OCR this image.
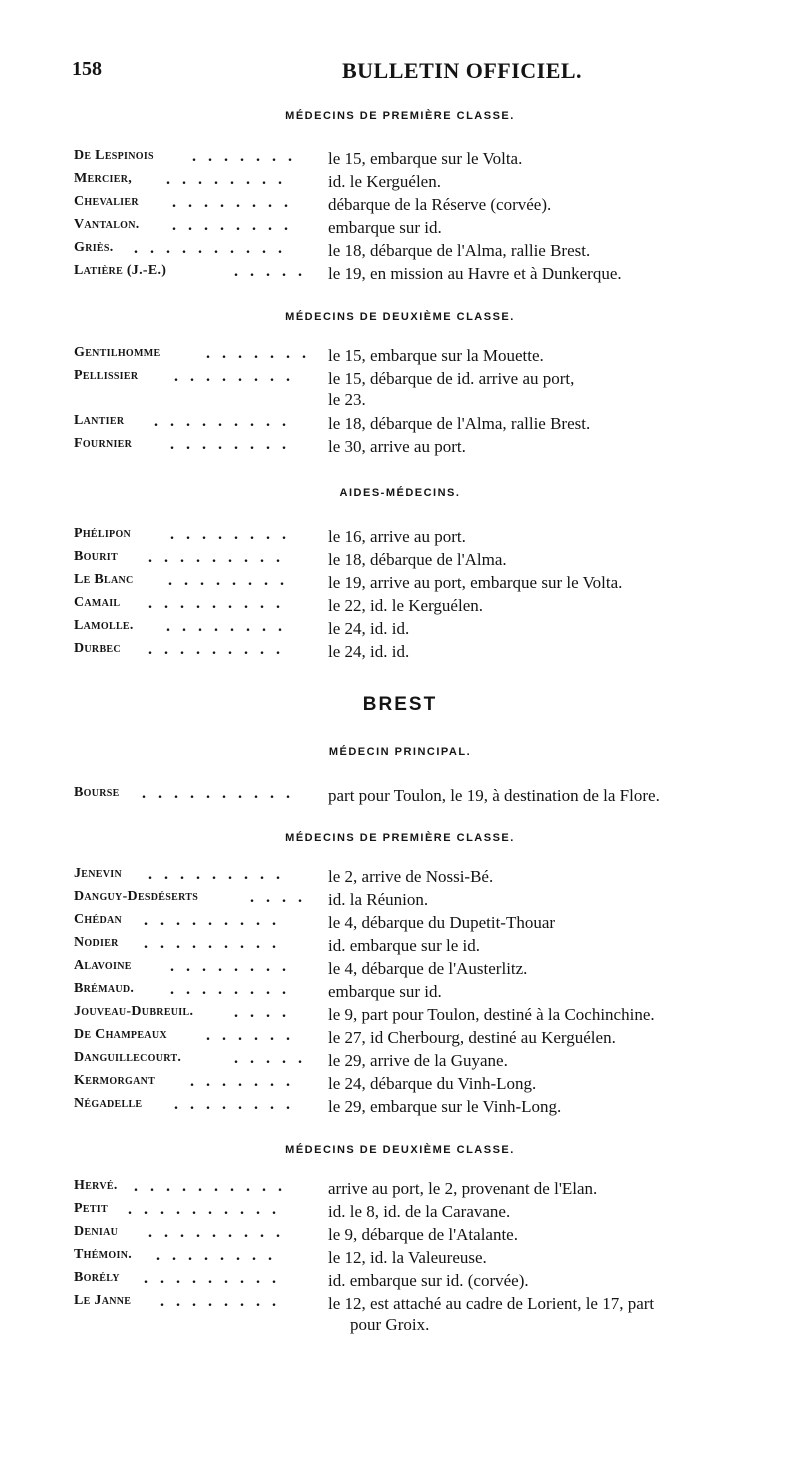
158	BULLETIN OFFICIEL.
MÉDECINS DE PREMIÈRE CLASSE.
De Lespinois . . . . . . . le 15, embarque sur le Volta.
Mercier, . . . . . . . . id. le Kerguélen.
Chevalier . . . . . . . . débarque de la Réserve (corvée).
Vantalon. . . . . . . . . embarque sur id.
Griès. . . . . . . . . . . le 18, débarque de l'Alma, rallie Brest.
Latière (J.-E.)	. . . . . le 19, en mission au Havre et à Dunkerque.
MÉDECINS DE DEUXIÈME CLASSE.
Gentilhomme	. . . . . . . le 15, embarque sur la Mouette.
Pellissier . . . . . . . . le 15, débarque de id. arrive au port,
le 23.
Lantier . . . . . . . . . le 18, débarque de l'Alma, rallie Brest.
Fournier . . . . . . . . le 30, arrive au port.
AIDES-MÉDECINS.
Phélipon . . . . . . . . le 16, arrive au port.
Bourit . . . . . . . . .	le 18, débarque de l'Alma.
Le Blanc . . . . . . . . le 19, arrive au port, embarque sur le Volta.
Camail . . . . . . . . .	le 22, id. le Kerguélen.
Lamolle. . . . . . . . . le 24, id. id.
Durbec . . . . . . . . .	le 24, id. id.
BREST
MÉDECIN PRINCIPAL.
Bourse . . . . . . . . . . part pour Toulon, le 19, à destination de la Flore.
MÉDECINS DE PREMIÈRE CLASSE.
Jenevin . . . . . . . . .	le 2, arrive de Nossi-Bé.
Danguy-Desdéserts	. . . . id. la Réunion.
Chédan . . . . . . . . .	le 4, débarque du Dupetit-Thouar
Nodier . . . . . . . . .	id. embarque sur le id.
Alavoine . . . . . . . . le 4, débarque de l'Austerlitz.
Brémaud. . . . . . . . . embarque sur id.
Jouveau-Dubreuil.	. . . . le 9, part pour Toulon, destiné à la Cochinchine.
De Champeaux . . . . . . le 27, id Cherbourg, destiné au Kerguélen.
Danguillecourt.	. . . . . le 29, arrive de la Guyane.
Kermorgant . . . . . . . le 24, débarque du Vinh-Long.
Négadelle . . . . . . . . le 29, embarque sur le Vinh-Long.
MÉDECINS DE DEUXIÈME CLASSE.
Hervé. . . . . . . . . . . arrive au port, le 2, provenant de l'Elan.
Petit . . . . . . . . . .	id. le 8, id. de la Caravane.
Deniau . . . . . . . . .	le 9, débarque de l'Atalante.
Thémoin. . . . . . . . .	le 12, id. la Valeureuse.
Borély . . . . . . . . .	id. embarque sur id. (corvée).
Le Janne . . . . . . . .	le 12, est attaché au cadre de Lorient, le 17, part
pour Groix.
